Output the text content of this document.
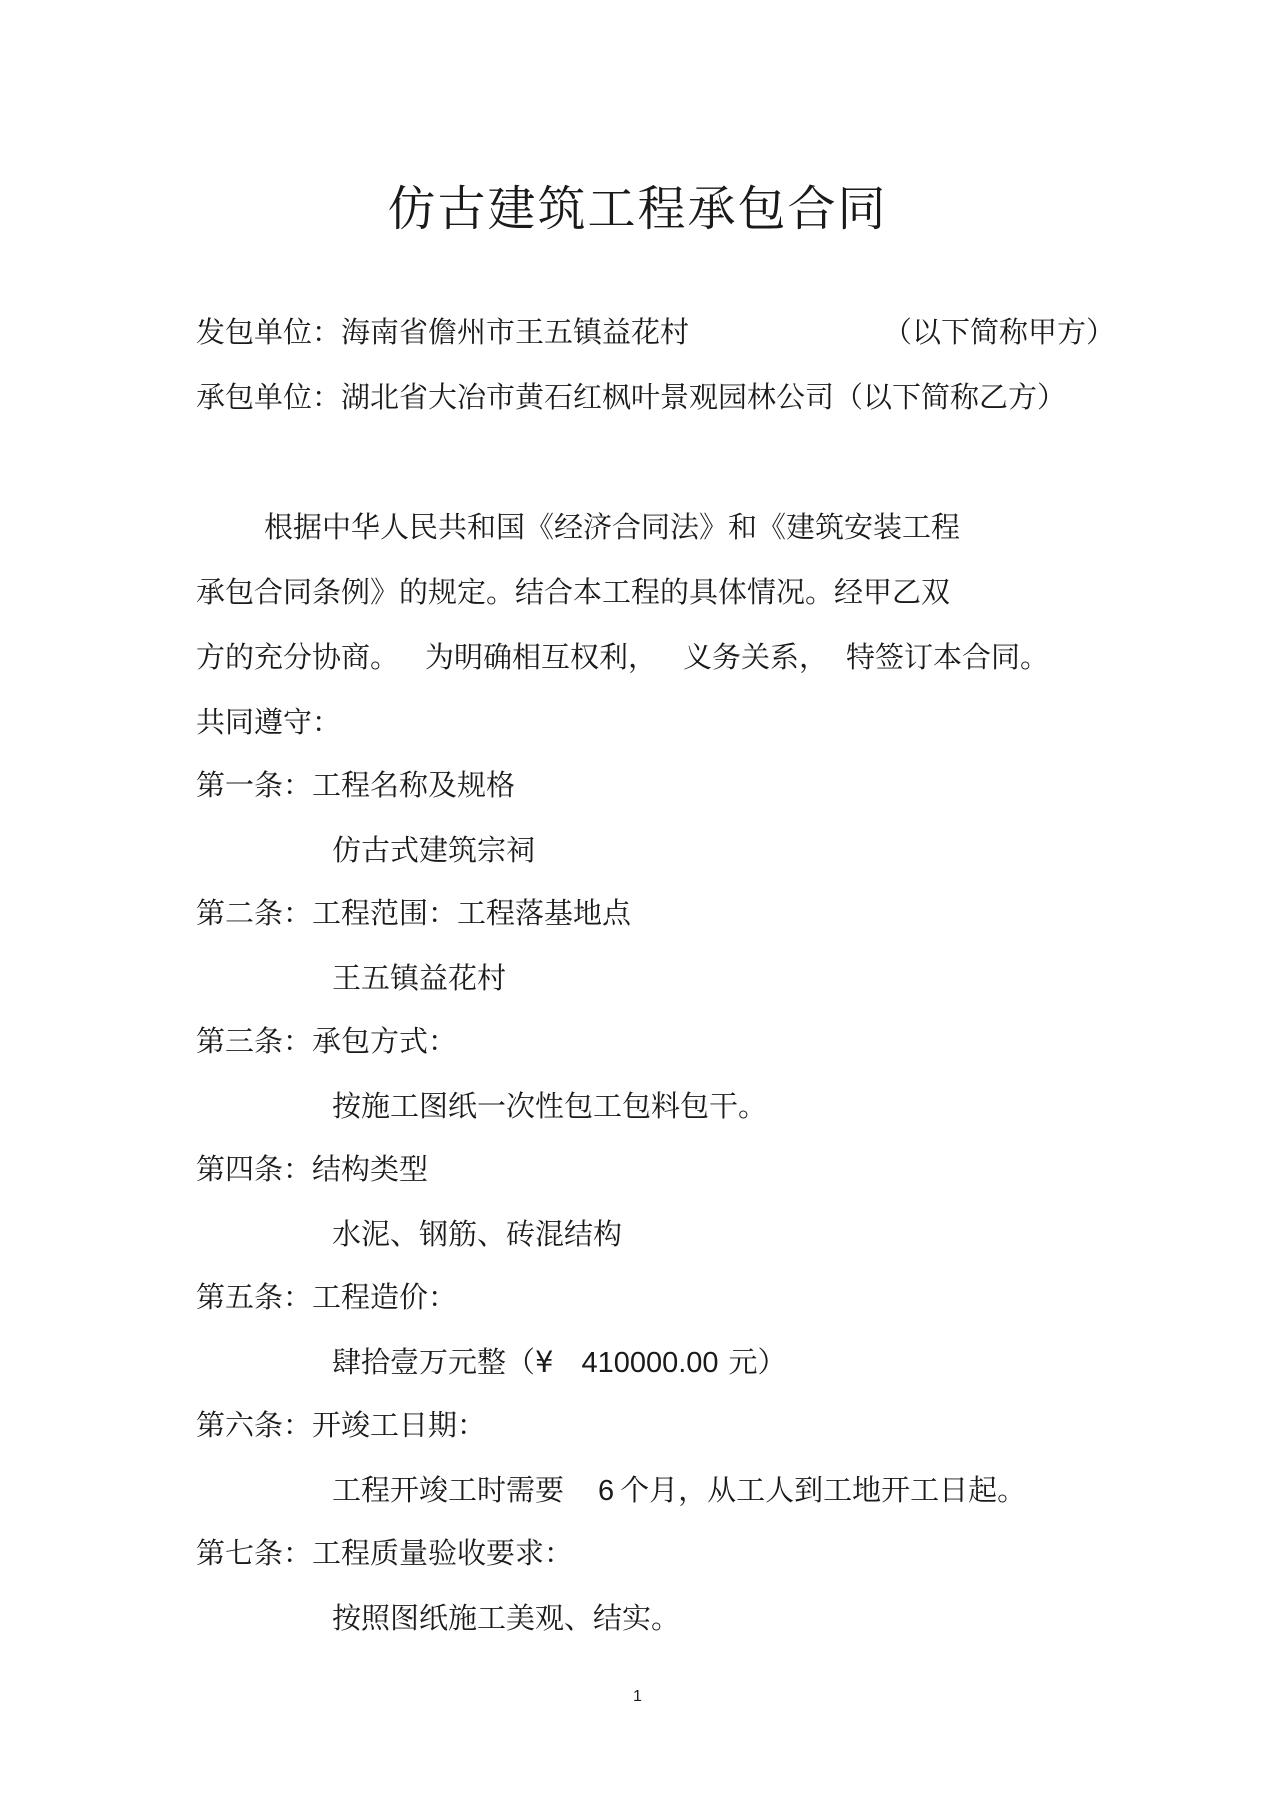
仿古建筑工程承包合同
发包单位：海南省儋州市王五镇益花村	（以下简称甲方）
承包单位：湖北省大冶市黄石红枫叶景观园林公司（以下简称乙方）
根据中华人民共和国《经济合同法》和《建筑安装工程
承包合同条例》的规定。结合本工程的具体情况。经甲乙双
方的充分协商。 为明确相互权利， 义务关系， 特签订本合同。
共同遵守：
第一条：工程名称及规格
仿古式建筑宗祠
第二条：工程范围：工程落基地点
王五镇益花村
第三条：承包方式：
按施工图纸一次性包工包料包干。
第四条：结构类型
水泥、钢筋、砖混结构
第五条：工程造价：
肆拾壹万元整（¥ 410000.00 元）
第六条：开竣工日期：
工程开竣工时需要 6 个月，从工人到工地开工日起。
第七条：工程质量验收要求：
按照图纸施工美观、结实。
1
